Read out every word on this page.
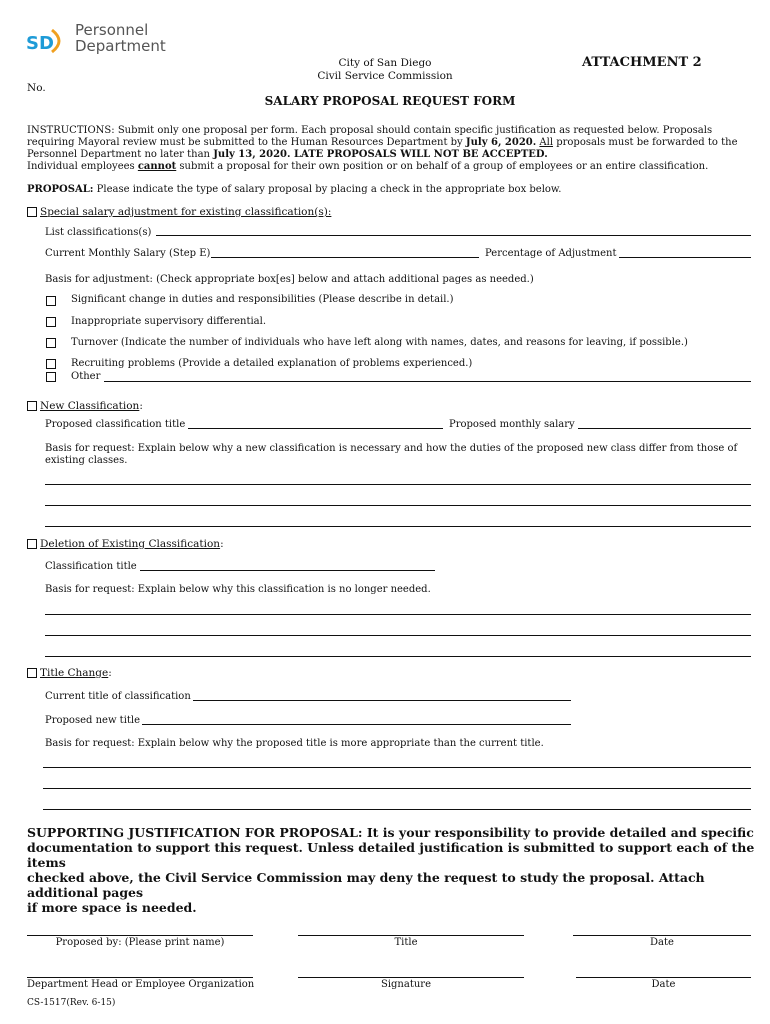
SD
Personnel
Department
City of San Diego
Civil Service Commission
ATTACHMENT 2
No.
SALARY PROPOSAL REQUEST FORM
INSTRUCTIONS: Submit only one proposal per form. Each proposal should contain specific justification as requested below. Proposals
requiring Mayoral review must be submitted to the Human Resources Department by July 6, 2020. All proposals must be forwarded to the
Personnel Department no later than July 13, 2020. LATE PROPOSALS WILL NOT BE ACCEPTED.
Individual employees cannot submit a proposal for their own position or on behalf of a group of employees or an entire classification.
PROPOSAL: Please indicate the type of salary proposal by placing a check in the appropriate box below.
Special salary adjustment for existing classification(s):
List classifications(s)
Current Monthly Salary (Step E)	Percentage of Adjustment
Basis for adjustment: (Check appropriate box[es] below and attach additional pages as needed.)
Significant change in duties and responsibilities (Please describe in detail.)
Inappropriate supervisory differential.
Turnover (Indicate the number of individuals who have left along with names, dates, and reasons for leaving, if possible.)
Recruiting problems (Provide a detailed explanation of problems experienced.)
Other
New Classification:
Proposed classification title	Proposed monthly salary
Basis for request: Explain below why a new classification is necessary and how the duties of the proposed new class differ from those of
existing classes.
Deletion of Existing Classification:
Classification title
Basis for request: Explain below why this classification is no longer needed.
Title Change:
Current title of classification
Proposed new title
Basis for request: Explain below why the proposed title is more appropriate than the current title.
SUPPORTING JUSTIFICATION FOR PROPOSAL: It is your responsibility to provide detailed and specific
documentation to support this request. Unless detailed justification is submitted to support each of the items
checked above, the Civil Service Commission may deny the request to study the proposal. Attach additional pages
if more space is needed.
Proposed by: (Please print name)	Title	Date
Department Head or Employee Organization	Signature	Date
CS-1517(Rev. 6-15)
